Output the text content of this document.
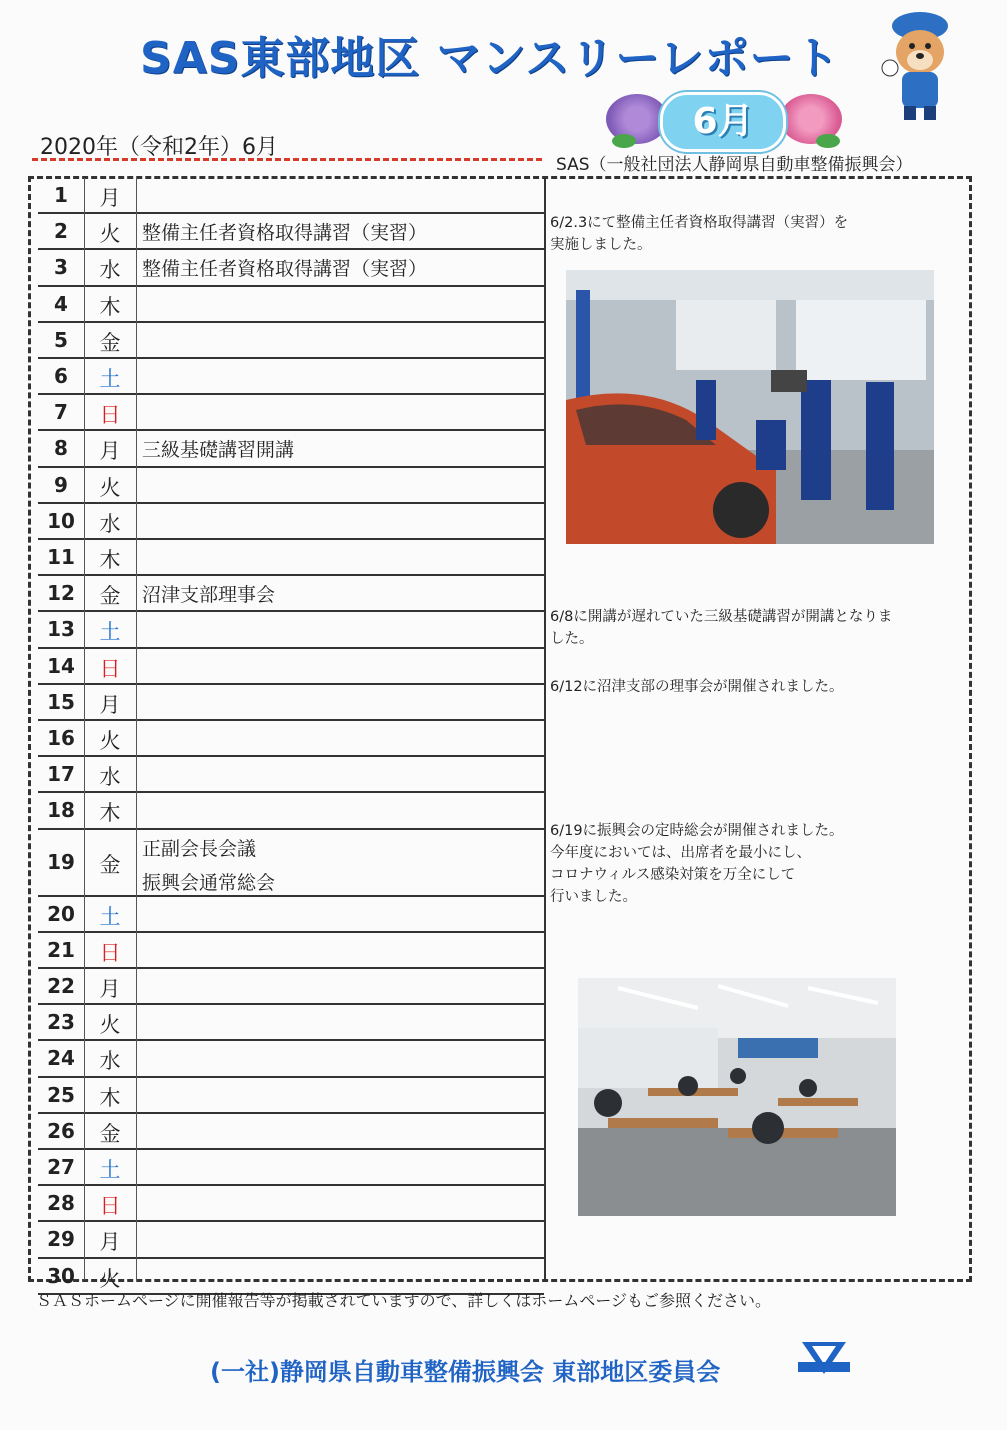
SAS東部地区 マンスリーレポート
6月
2020年（令和2年）6月
SAS（一般社団法人静岡県自動車整備振興会）
1	月
2	火	整備主任者資格取得講習（実習）
3	水	整備主任者資格取得講習（実習）
4	木
5	金
6	土
7	日
8	月	三級基礎講習開講
9	火
10	水
11	木
12	金	沼津支部理事会
13	土
14	日
15	月
16	火
17	水
18	木
19	金
正副会長会議
振興会通常総会
20	土
21	日
22	月
23	火
24	水
25	木
26	金
27	土
28	日
29	月
30	火
6/2.3にて整備主任者資格取得講習（実習）を
実施しました。
6/8に開講が遅れていた三級基礎講習が開講となりま
した。
6/12に沼津支部の理事会が開催されました。
6/19に振興会の定時総会が開催されました。
今年度においては、出席者を最小にし、
コロナウィルス感染対策を万全にして
行いました。
ＳＡＳホームページに開催報告等が掲載されていますので、詳しくはホームページもご参照ください。
(一社)静岡県自動車整備振興会 東部地区委員会
